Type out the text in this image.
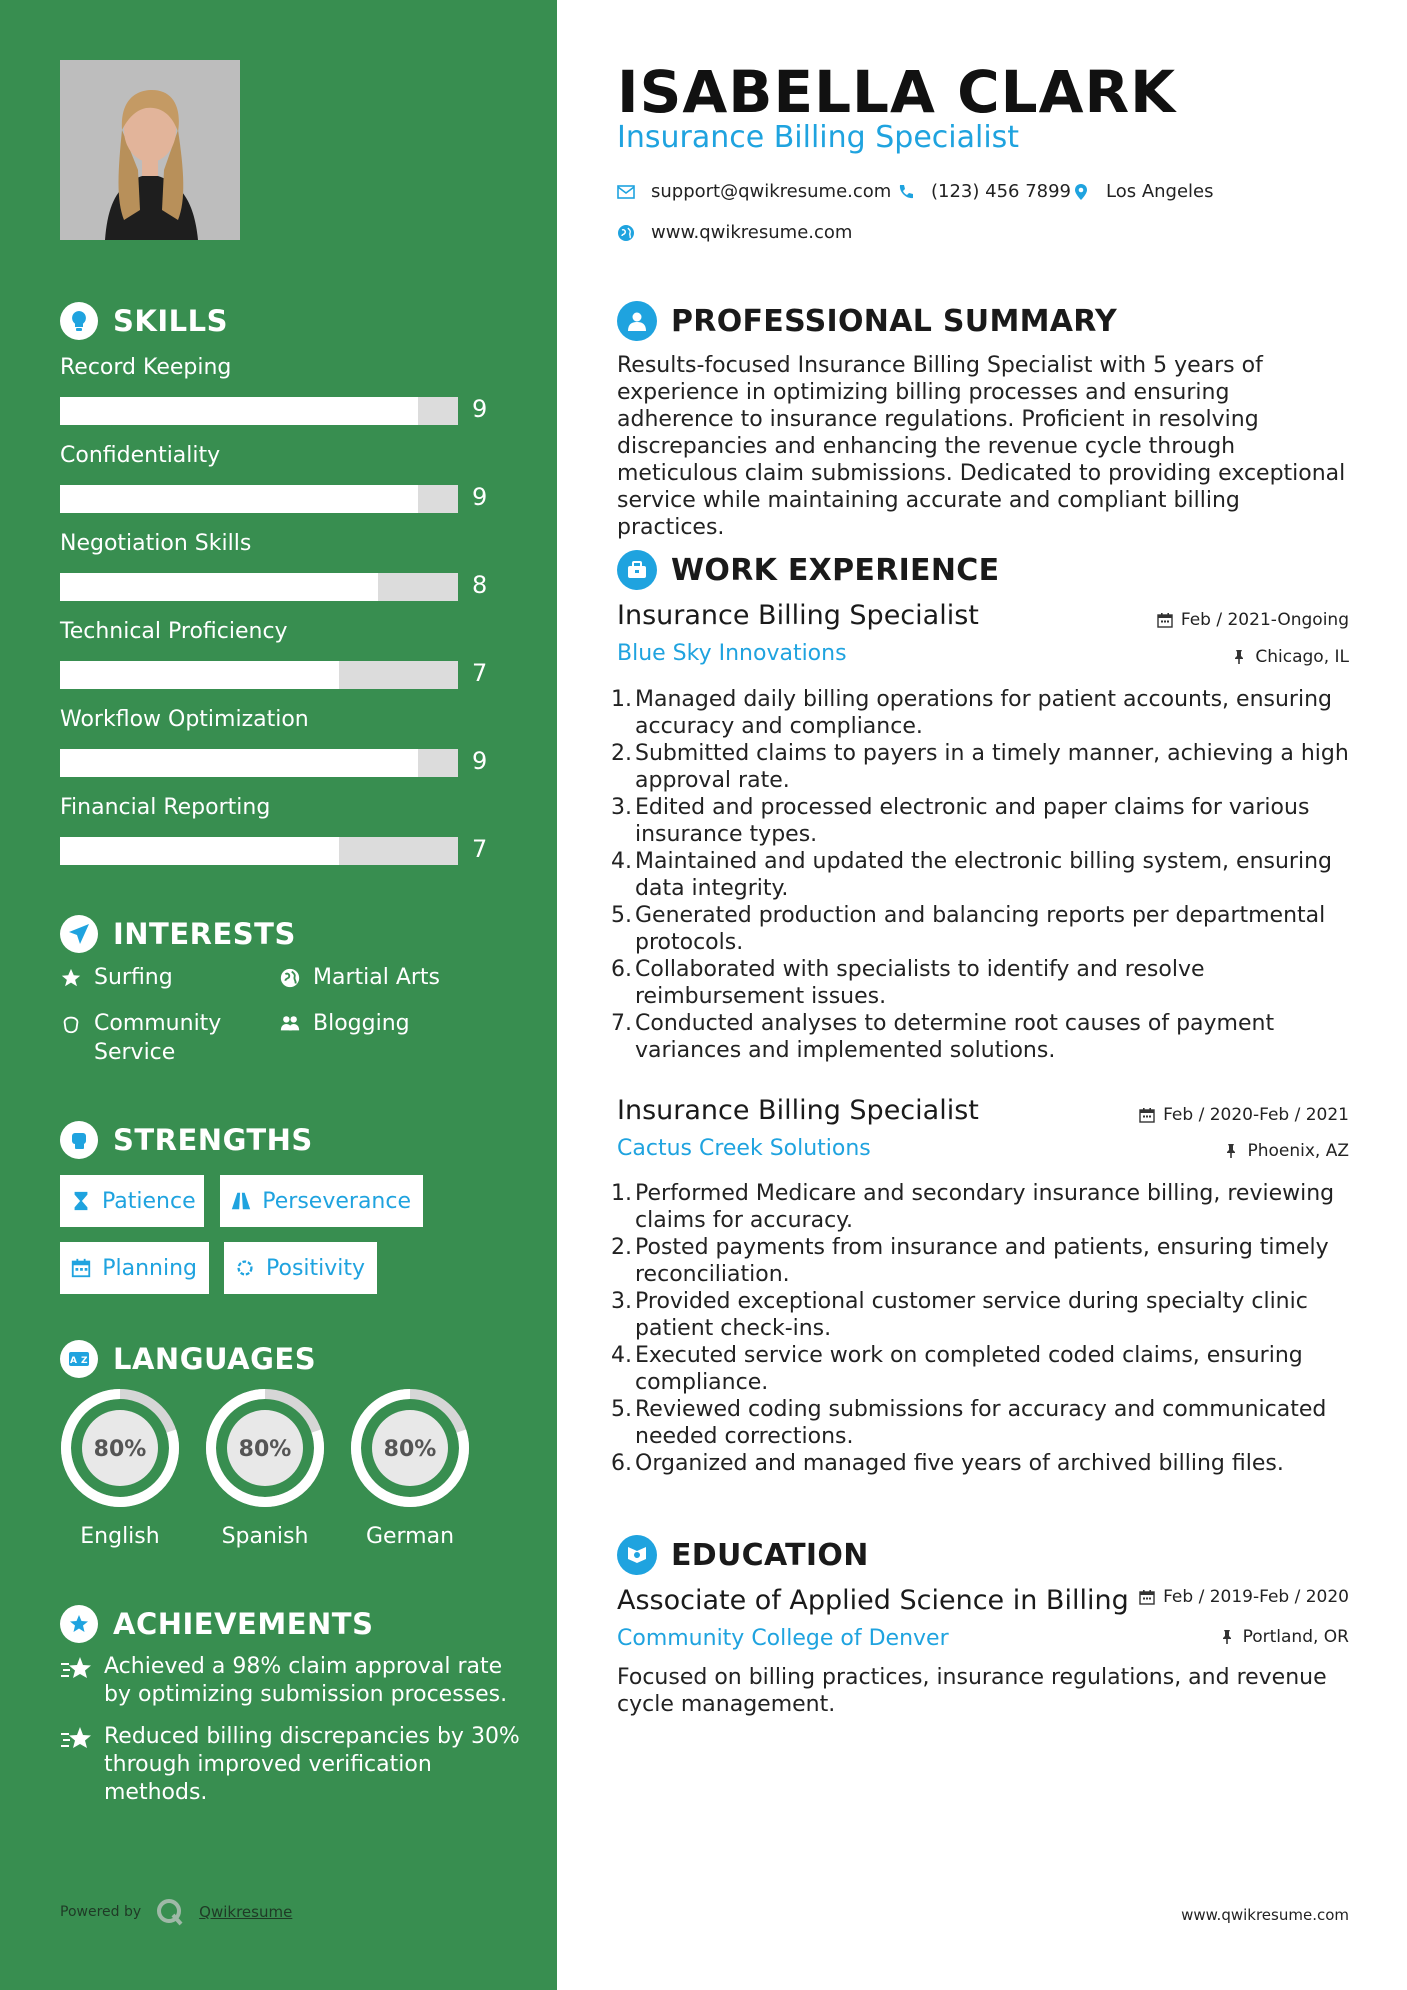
SKILLS
Record Keeping
9
Confidentiality
9
Negotiation Skills
8
Technical Proficiency
7
Workflow Optimization
9
Financial Reporting
7
INTERESTS
Surfing	Martial Arts
Community
Service
Blogging
STRENGTHS
Patience	Perseverance
Planning	Positivity
A Z LANGUAGES
80%
English
80%
Spanish
80%
German
ACHIEVEMENTS
Achieved a 98% claim approval rate by optimizing submission processes.
Reduced billing discrepancies by 30% through improved verification methods.
Powered by	Qwikresume
ISABELLA CLARK
Insurance Billing Specialist
support@qwikresume.com (123) 456 7899 Los Angeles
www.qwikresume.com
PROFESSIONAL SUMMARY
Results-focused Insurance Billing Specialist with 5 years of experience in optimizing billing processes and ensuring adherence to insurance regulations. Proficient in resolving discrepancies and enhancing the revenue cycle through meticulous claim submissions. Dedicated to providing exceptional service while maintaining accurate and compliant billing practices.
WORK EXPERIENCE
Insurance Billing Specialist	Feb / 2021-Ongoing
Blue Sky Innovations	Chicago, IL
1. Managed daily billing operations for patient accounts, ensuring accuracy and compliance.
2. Submitted claims to payers in a timely manner, achieving a high approval rate.
3. Edited and processed electronic and paper claims for various insurance types.
4. Maintained and updated the electronic billing system, ensuring data integrity.
5. Generated production and balancing reports per departmental protocols.
6. Collaborated with specialists to identify and resolve reimbursement issues.
7. Conducted analyses to determine root causes of payment variances and implemented solutions.
Insurance Billing Specialist	Feb / 2020-Feb / 2021
Cactus Creek Solutions	Phoenix, AZ
1. Performed Medicare and secondary insurance billing, reviewing claims for accuracy.
2. Posted payments from insurance and patients, ensuring timely reconciliation.
3. Provided exceptional customer service during specialty clinic patient check-ins.
4. Executed service work on completed coded claims, ensuring compliance.
5. Reviewed coding submissions for accuracy and communicated needed corrections.
6. Organized and managed five years of archived billing files.
EDUCATION
Associate of Applied Science in Billing Feb / 2019-Feb / 2020
Community College of Denver	Portland, OR
Focused on billing practices, insurance regulations, and revenue cycle management.
www.qwikresume.com
